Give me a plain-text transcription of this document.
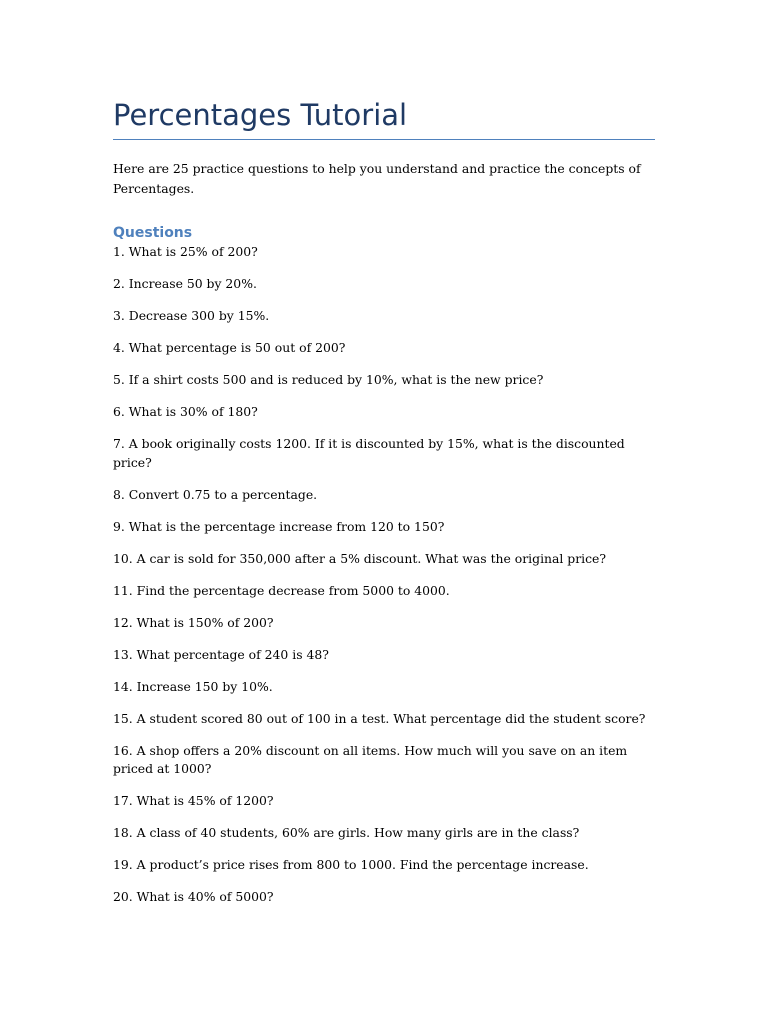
Percentages Tutorial

Here are 25 practice questions to help you understand and practice the concepts of Percentages.

Questions
1. What is 25% of 200?
2. Increase 50 by 20%.
3. Decrease 300 by 15%.
4. What percentage is 50 out of 200?
5. If a shirt costs 500 and is reduced by 10%, what is the new price?
6. What is 30% of 180?
7. A book originally costs 1200. If it is discounted by 15%, what is the discounted price?
8. Convert 0.75 to a percentage.
9. What is the percentage increase from 120 to 150?
10. A car is sold for 350,000 after a 5% discount. What was the original price?
11. Find the percentage decrease from 5000 to 4000.
12. What is 150% of 200?
13. What percentage of 240 is 48?
14. Increase 150 by 10%.
15. A student scored 80 out of 100 in a test. What percentage did the student score?
16. A shop offers a 20% discount on all items. How much will you save on an item priced at 1000?
17. What is 45% of 1200?
18. A class of 40 students, 60% are girls. How many girls are in the class?
19. A product’s price rises from 800 to 1000. Find the percentage increase.
20. What is 40% of 5000?
